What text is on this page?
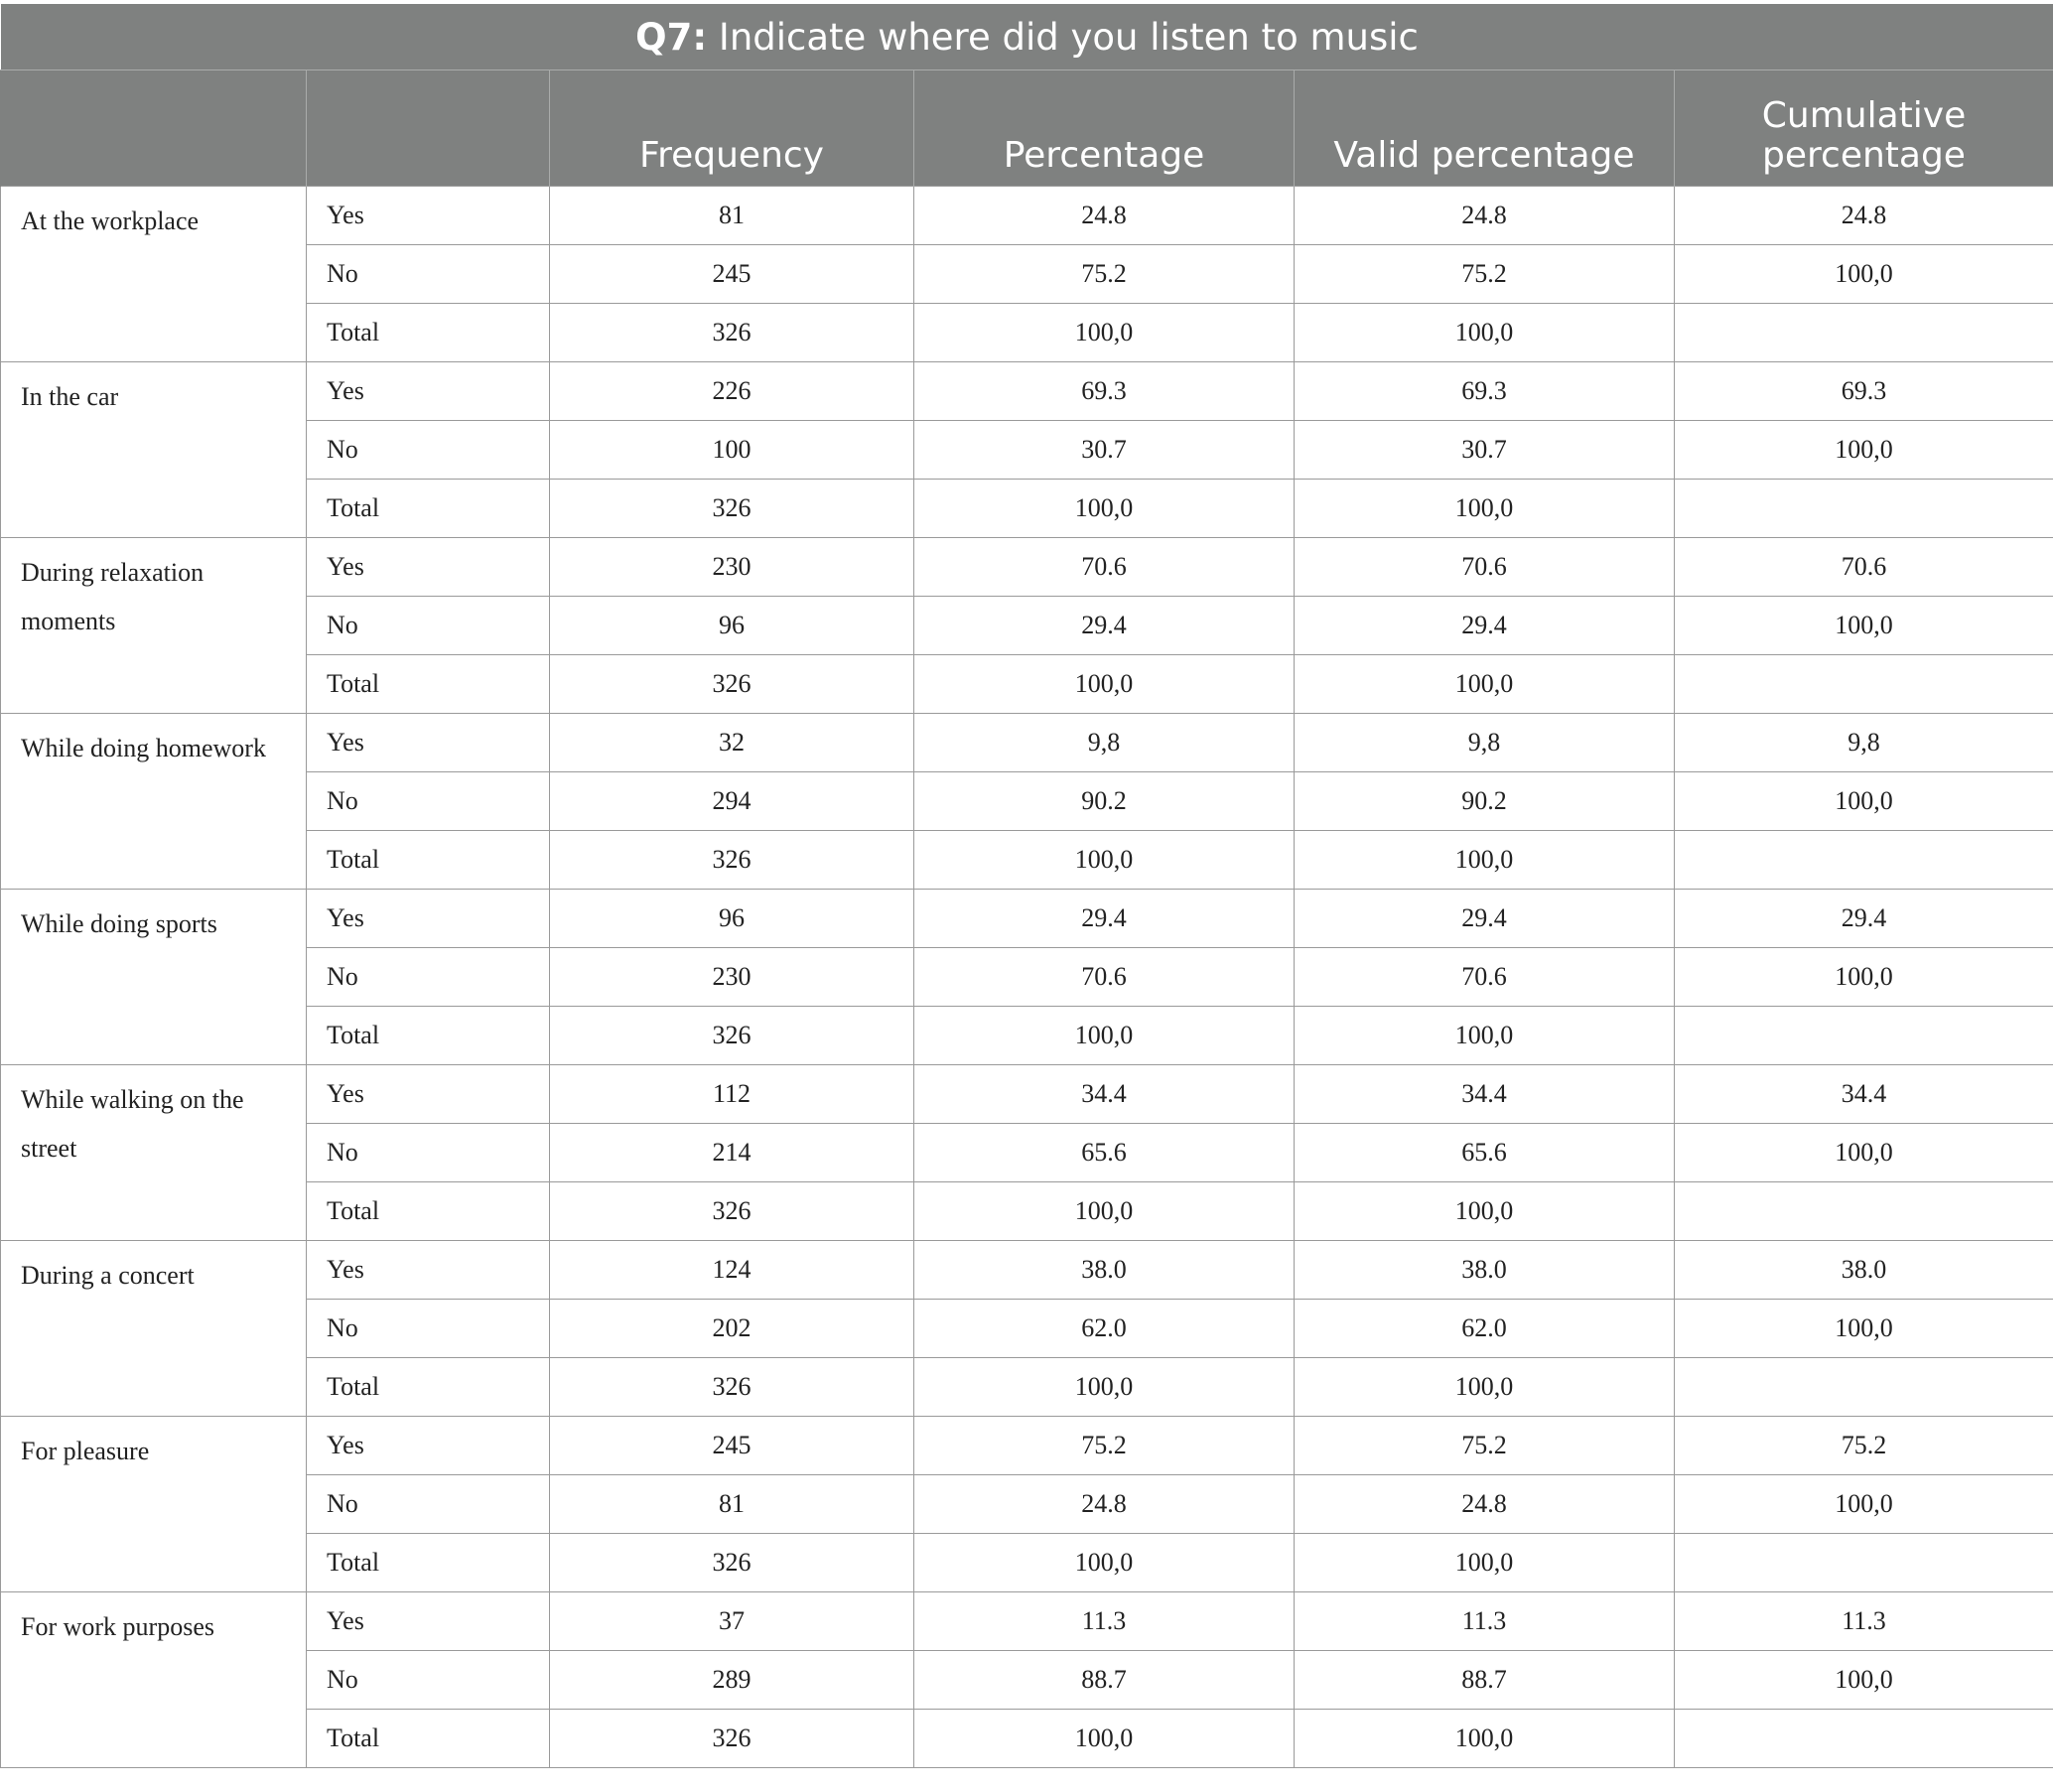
Q7: Indicate where did you listen to music					
		Frequency	Percentage	Valid percentage	Cumulative percentage
At the workplace	Yes	81	24.8	24.8	24.8
	No	245	75.2	75.2	100,0
	Total	326	100,0	100,0	
In the car	Yes	226	69.3	69.3	69.3
	No	100	30.7	30.7	100,0
	Total	326	100,0	100,0	
During relaxation moments	Yes	230	70.6	70.6	70.6
	No	96	29.4	29.4	100,0
	Total	326	100,0	100,0	
While doing homework	Yes	32	9,8	9,8	9,8
	No	294	90.2	90.2	100,0
	Total	326	100,0	100,0	
While doing sports	Yes	96	29.4	29.4	29.4
	No	230	70.6	70.6	100,0
	Total	326	100,0	100,0	
While walking on the street	Yes	112	34.4	34.4	34.4
	No	214	65.6	65.6	100,0
	Total	326	100,0	100,0	
During a concert	Yes	124	38.0	38.0	38.0
	No	202	62.0	62.0	100,0
	Total	326	100,0	100,0	
For pleasure	Yes	245	75.2	75.2	75.2
	No	81	24.8	24.8	100,0
	Total	326	100,0	100,0	
For work purposes	Yes	37	11.3	11.3	11.3
	No	289	88.7	88.7	100,0
	Total	326	100,0	100,0	
